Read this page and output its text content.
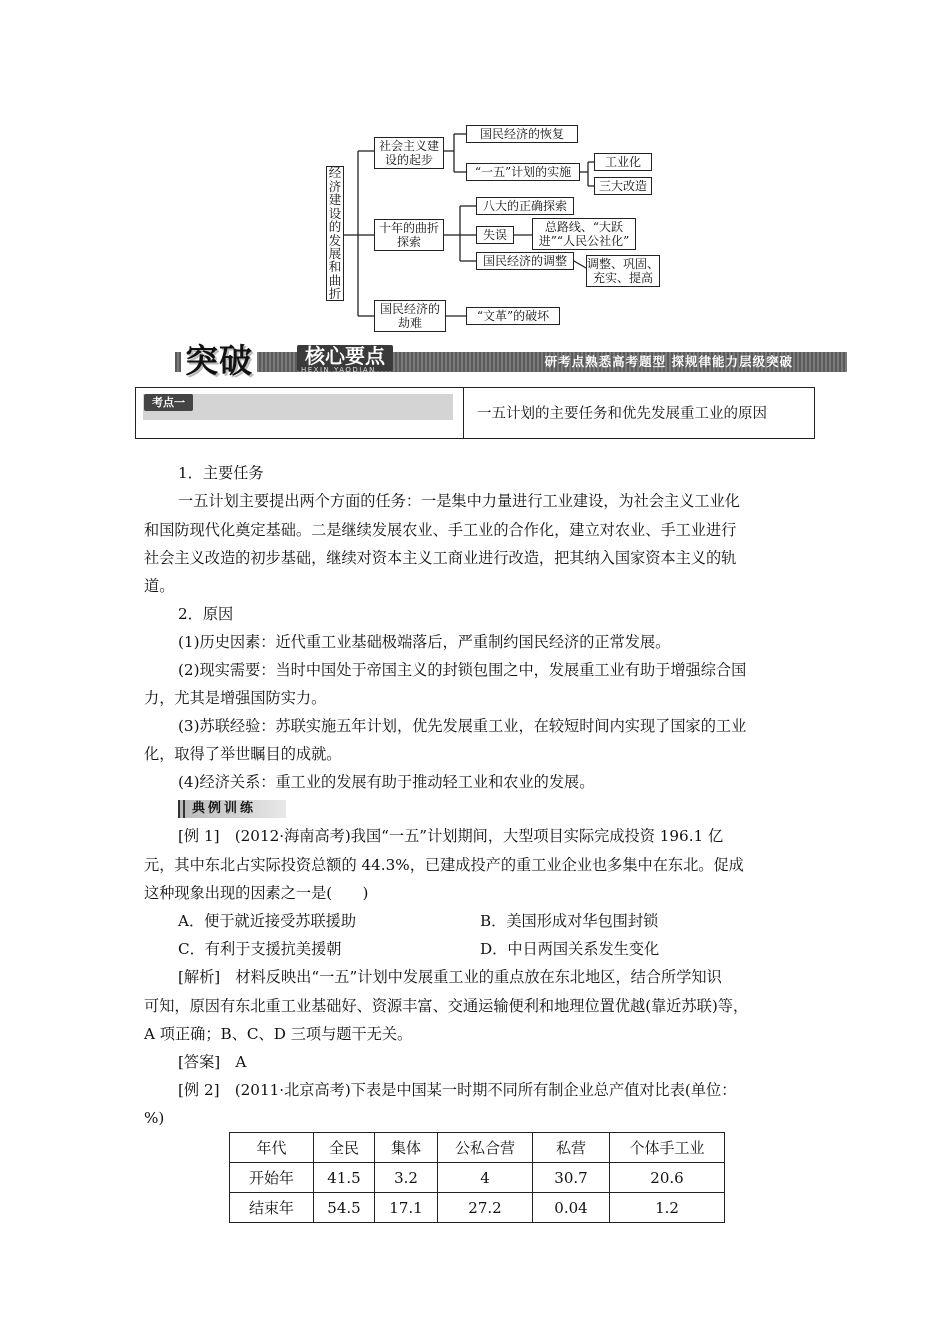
经
济
建
设
的
发
展
和
曲
折
社会主义建设的起步
国民经济的恢复
“一五”计划的实施
工业化
三大改造
十年的曲折探索
八大的正确探索
失误
国民经济的调整
总路线、“大跃进”“人民公社化”
调整、巩固、充实、提高
国民经济的劫难	“文革”的破坏
突破	核心要点
HEXIN YAODIAN
研考点熟悉高考题型 探规律能力层级突破
考点一
一五计划的主要任务和优先发展重工业的原因
1．主要任务
一五计划主要提出两个方面的任务：一是集中力量进行工业建设，为社会主义工业化
和国防现代化奠定基础。二是继续发展农业、手工业的合作化，建立对农业、手工业进行
社会主义改造的初步基础，继续对资本主义工商业进行改造，把其纳入国家资本主义的轨
道。
2．原因
(1)历史因素：近代重工业基础极端落后，严重制约国民经济的正常发展。
(2)现实需要：当时中国处于帝国主义的封锁包围之中，发展重工业有助于增强综合国
力，尤其是增强国防实力。
(3)苏联经验：苏联实施五年计划，优先发展重工业，在较短时间内实现了国家的工业
化，取得了举世瞩目的成就。
(4)经济关系：重工业的发展有助于推动轻工业和农业的发展。
典例训练
[例 1]　(2012·海南高考)我国“一五”计划期间，大型项目实际完成投资 196.1 亿
元，其中东北占实际投资总额的 44.3%，已建成投产的重工业企业也多集中在东北。促成
这种现象出现的因素之一是(　　)
A．便于就近接受苏联援助	B．美国形成对华包围封锁
C．有利于支援抗美援朝	D．中日两国关系发生变化
[解析]　材料反映出“一五”计划中发展重工业的重点放在东北地区，结合所学知识
可知，原因有东北重工业基础好、资源丰富、交通运输便利和地理位置优越(靠近苏联)等，
A 项正确；B、C、D 三项与题干无关。
[答案]　A
[例 2]　(2011·北京高考)下表是中国某一时期不同所有制企业总产值对比表(单位：
%)
年代	全民	集体	公私合营	私营	个体手工业
开始年	41.5	3.2	4	30.7	20.6
结束年	54.5	17.1	27.2	0.04	1.2
